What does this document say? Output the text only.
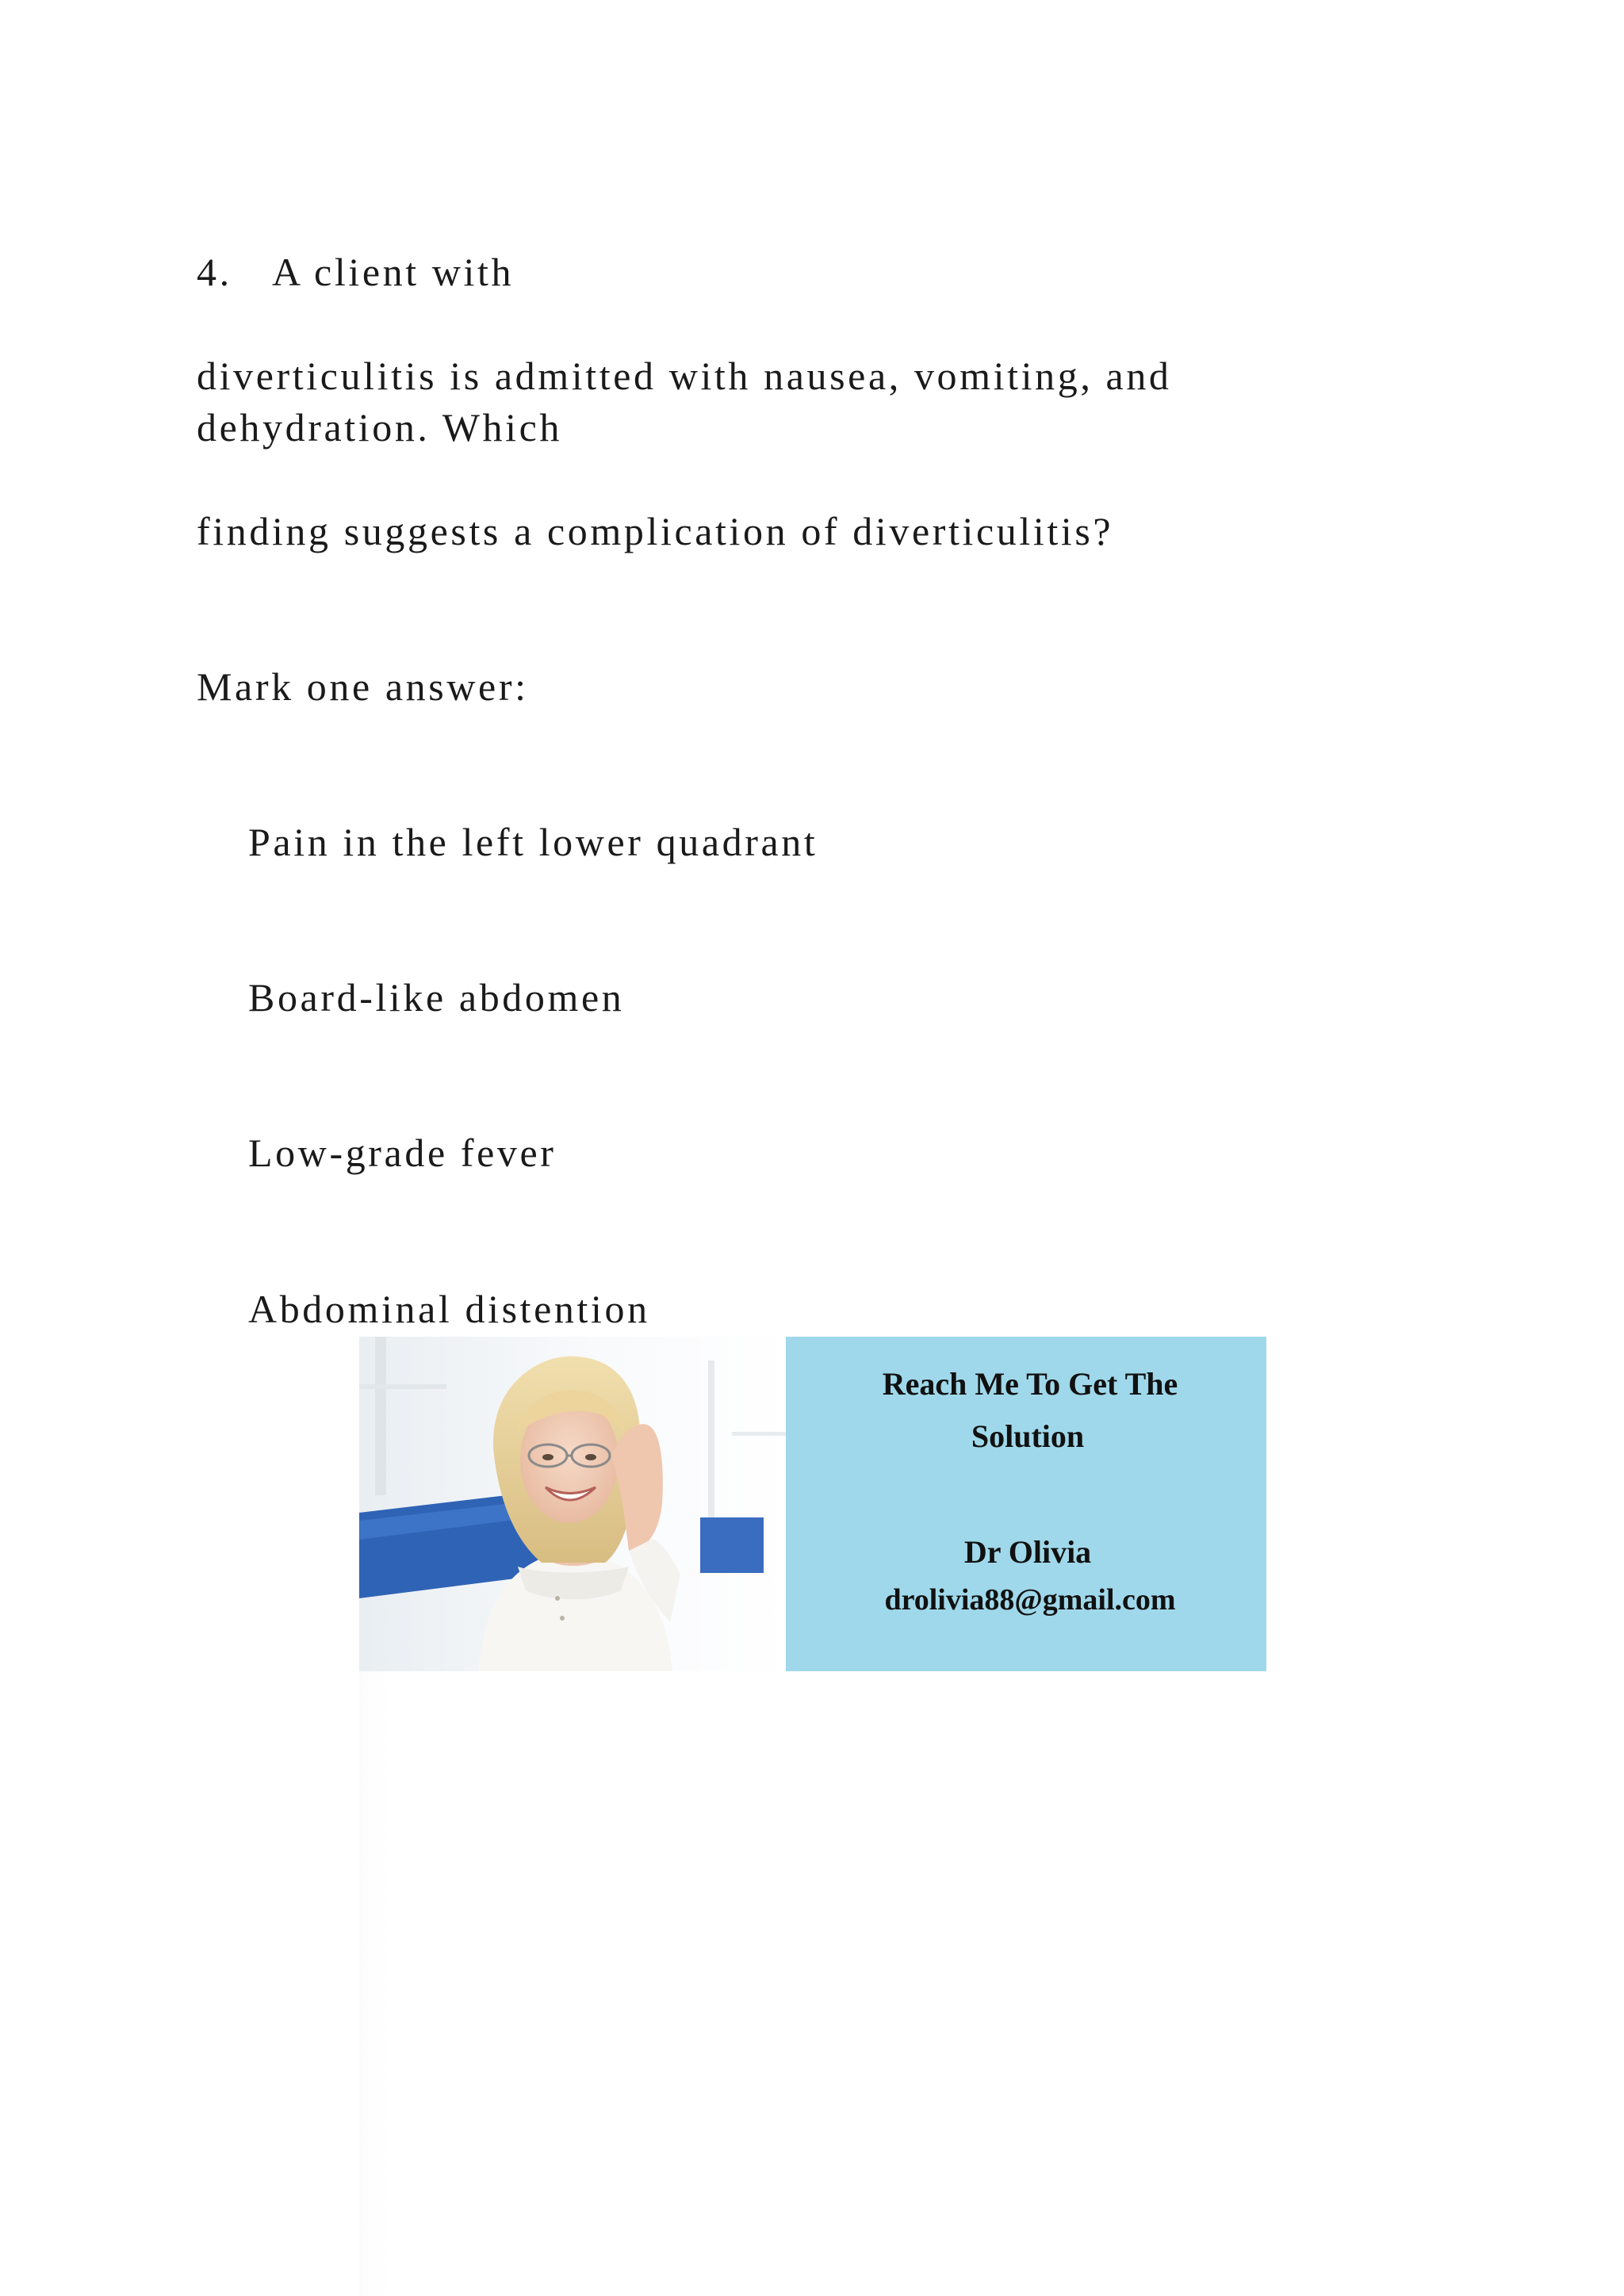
4. A client with
diverticulitis is admitted with nausea, vomiting, and
dehydration. Which
finding suggests a complication of diverticulitis?
Mark one answer:
Pain in the left lower quadrant
Board-like abdomen
Low-grade fever
Abdominal distention
Reach Me To Get The
Solution
Dr Olivia
drolivia88@gmail.com
